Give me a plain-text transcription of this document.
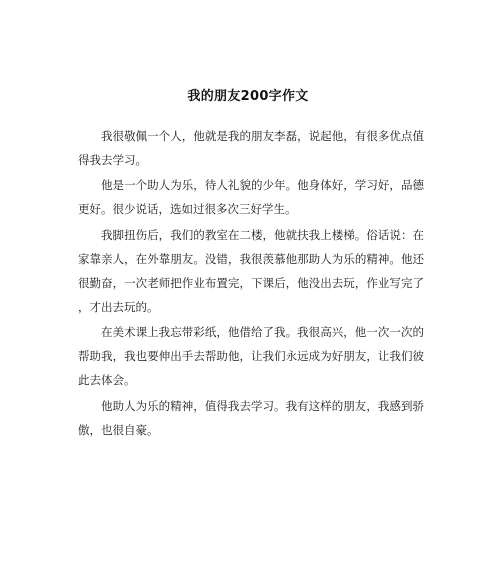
我的朋友200字作文

我很敬佩一个人，他就是我的朋友李磊，说起他，有很多优点值得我去学习。

他是一个助人为乐，待人礼貌的少年。他身体好，学习好，品德更好。很少说话，选如过很多次三好学生。

我脚扭伤后，我们的教室在二楼，他就扶我上楼梯。俗话说：在家靠亲人，在外靠朋友。没错，我很羡慕他那助人为乐的精神。他还很勤奋，一次老师把作业布置完，下课后，他没出去玩，作业写完了，才出去玩的。

在美术课上我忘带彩纸，他借给了我。我很高兴，他一次一次的帮助我，我也要伸出手去帮助他，让我们永远成为好朋友，让我们彼此去体会。

他助人为乐的精神，值得我去学习。我有这样的朋友，我感到骄傲，也很自豪。
